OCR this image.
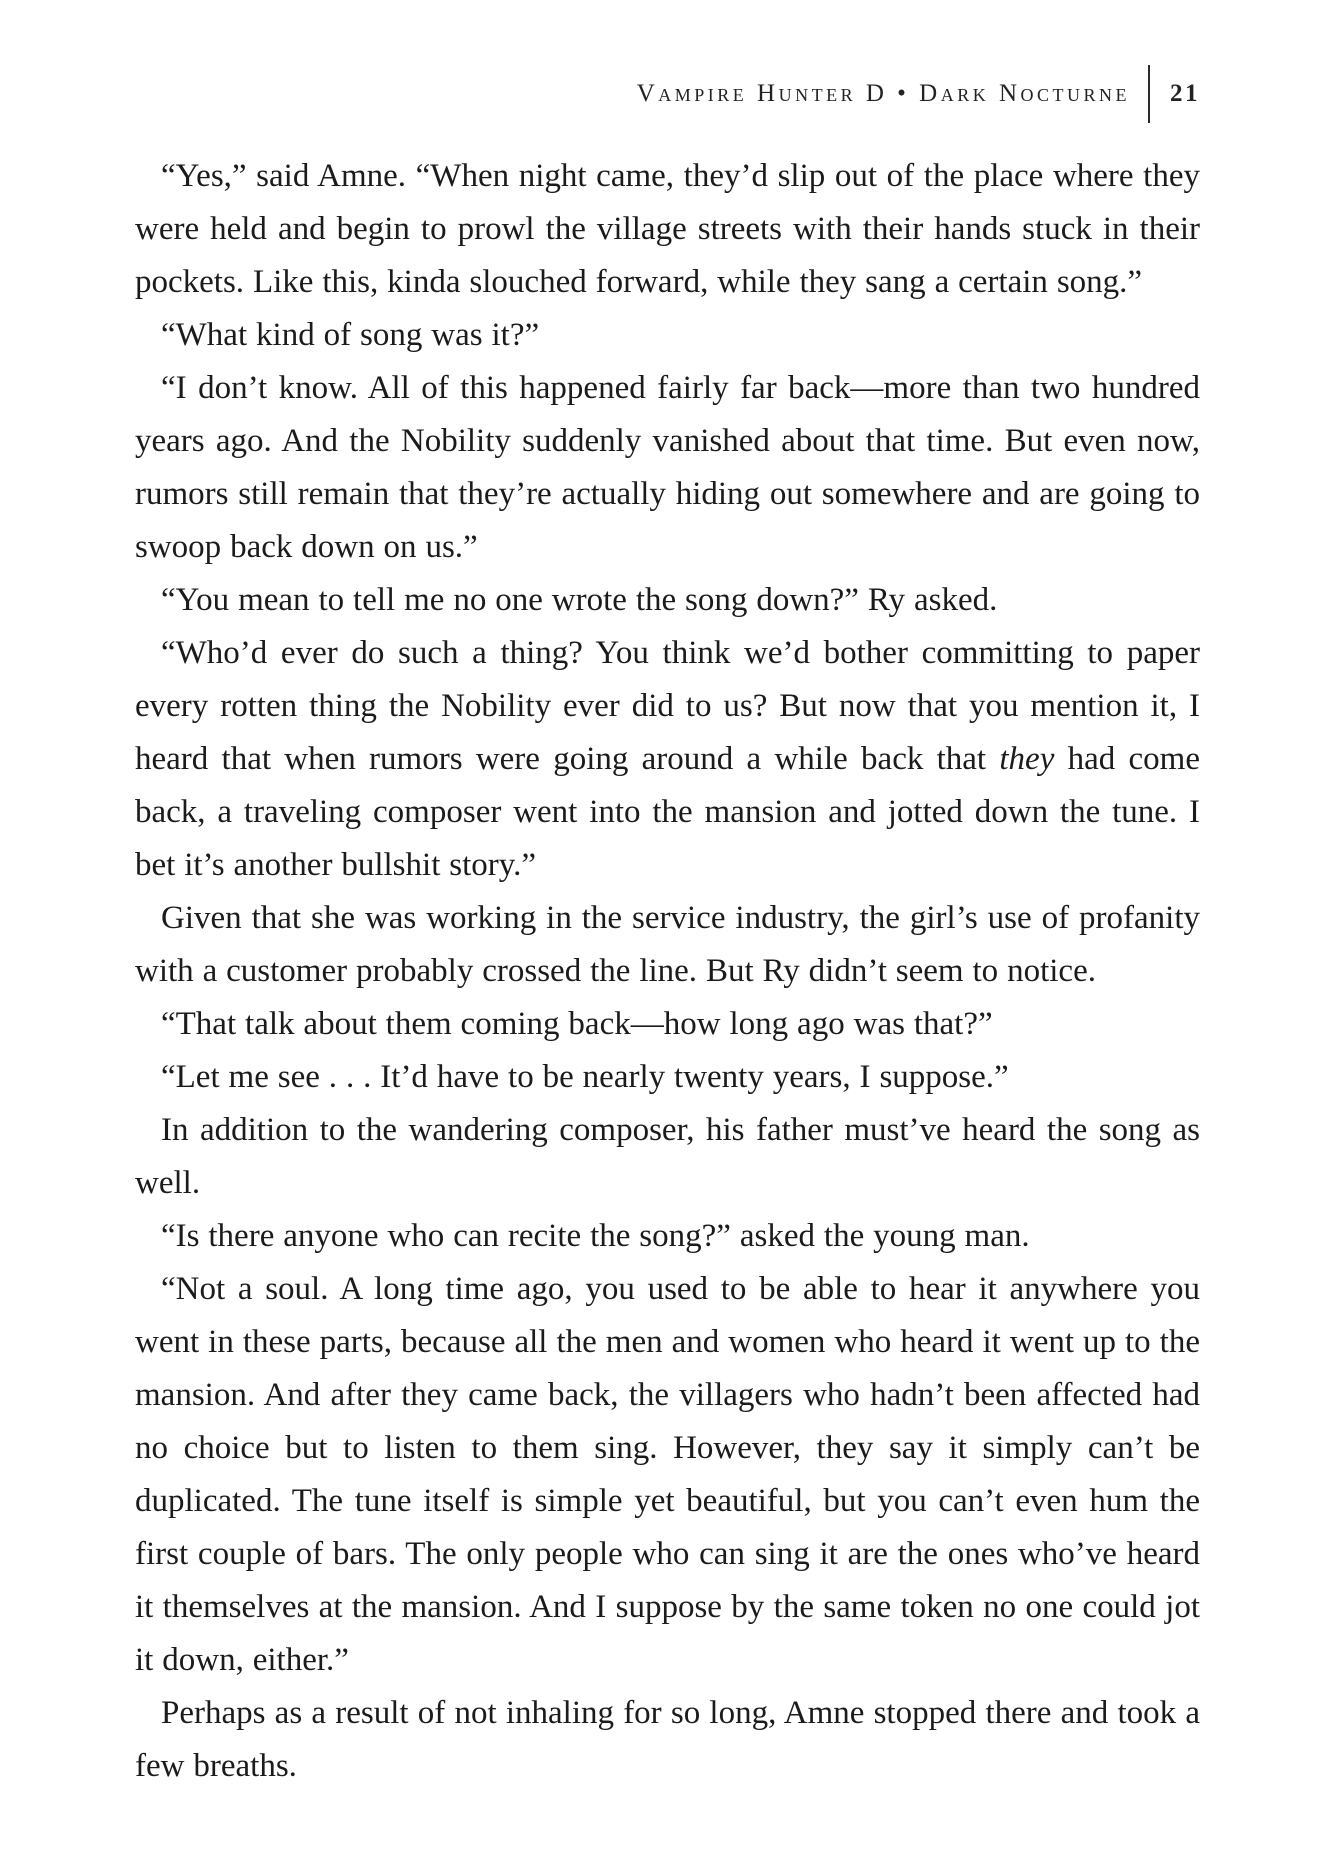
Vampire Hunter D • Dark Nocturne 21

“Yes,” said Amne. “When night came, they’d slip out of the place where they were held and begin to prowl the village streets with their hands stuck in their pockets. Like this, kinda slouched forward, while they sang a certain song.”

“What kind of song was it?”

“I don’t know. All of this happened fairly far back—more than two hundred years ago. And the Nobility suddenly vanished about that time. But even now, rumors still remain that they’re actually hiding out somewhere and are going to swoop back down on us.”

“You mean to tell me no one wrote the song down?” Ry asked.

“Who’d ever do such a thing? You think we’d bother committing to paper every rotten thing the Nobility ever did to us? But now that you mention it, I heard that when rumors were going around a while back that they had come back, a traveling composer went into the mansion and jotted down the tune. I bet it’s another bullshit story.”

Given that she was working in the service industry, the girl’s use of profanity with a customer probably crossed the line. But Ry didn’t seem to notice.

“That talk about them coming back—how long ago was that?”

“Let me see . . . It’d have to be nearly twenty years, I suppose.”

In addition to the wandering composer, his father must’ve heard the song as well.

“Is there anyone who can recite the song?” asked the young man.

“Not a soul. A long time ago, you used to be able to hear it anywhere you went in these parts, because all the men and women who heard it went up to the mansion. And after they came back, the villagers who hadn’t been affected had no choice but to listen to them sing. However, they say it simply can’t be duplicated. The tune itself is simple yet beautiful, but you can’t even hum the first couple of bars. The only people who can sing it are the ones who’ve heard it themselves at the mansion. And I suppose by the same token no one could jot it down, either.”

Perhaps as a result of not inhaling for so long, Amne stopped there and took a few breaths.
